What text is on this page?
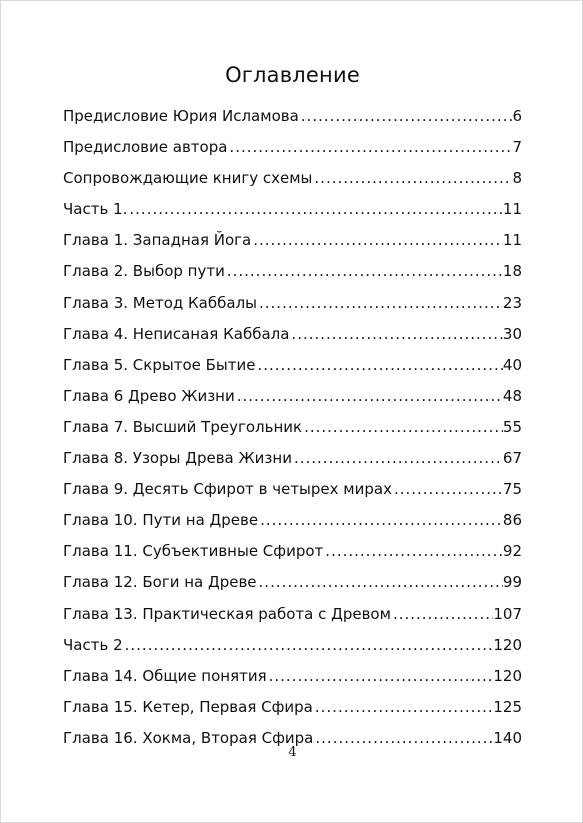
Оглавление
Предисловие Юрия Исламова .....	6
Предисловие автора .....	7
Сопровождающие книгу схемы .....	8
Часть 1. .....	11
Глава 1. Западная Йога .....	11
Глава 2. Выбор пути .....	18
Глава 3. Метод Каббалы .....	23
Глава 4. Неписаная Каббала .....	30
Глава 5. Скрытое Бытие .....	40
Глава 6 Древо Жизни .....	48
Глава 7. Высший Треугольник .....	55
Глава 8. Узоры Древа Жизни .....	67
Глава 9. Десять Сфирот в четырех мирах .....	75
Глава 10. Пути на Древе .....	86
Глава 11. Субъективные Сфирот .....	92
Глава 12. Боги на Древе .....	99
Глава 13. Практическая работа с Древом .....	107
Часть 2 .....	120
Глава 14. Общие понятия .....	120
Глава 15. Кетер, Первая Сфира .....	125
Глава 16. Хокма, Вторая Сфира .....	140
4
